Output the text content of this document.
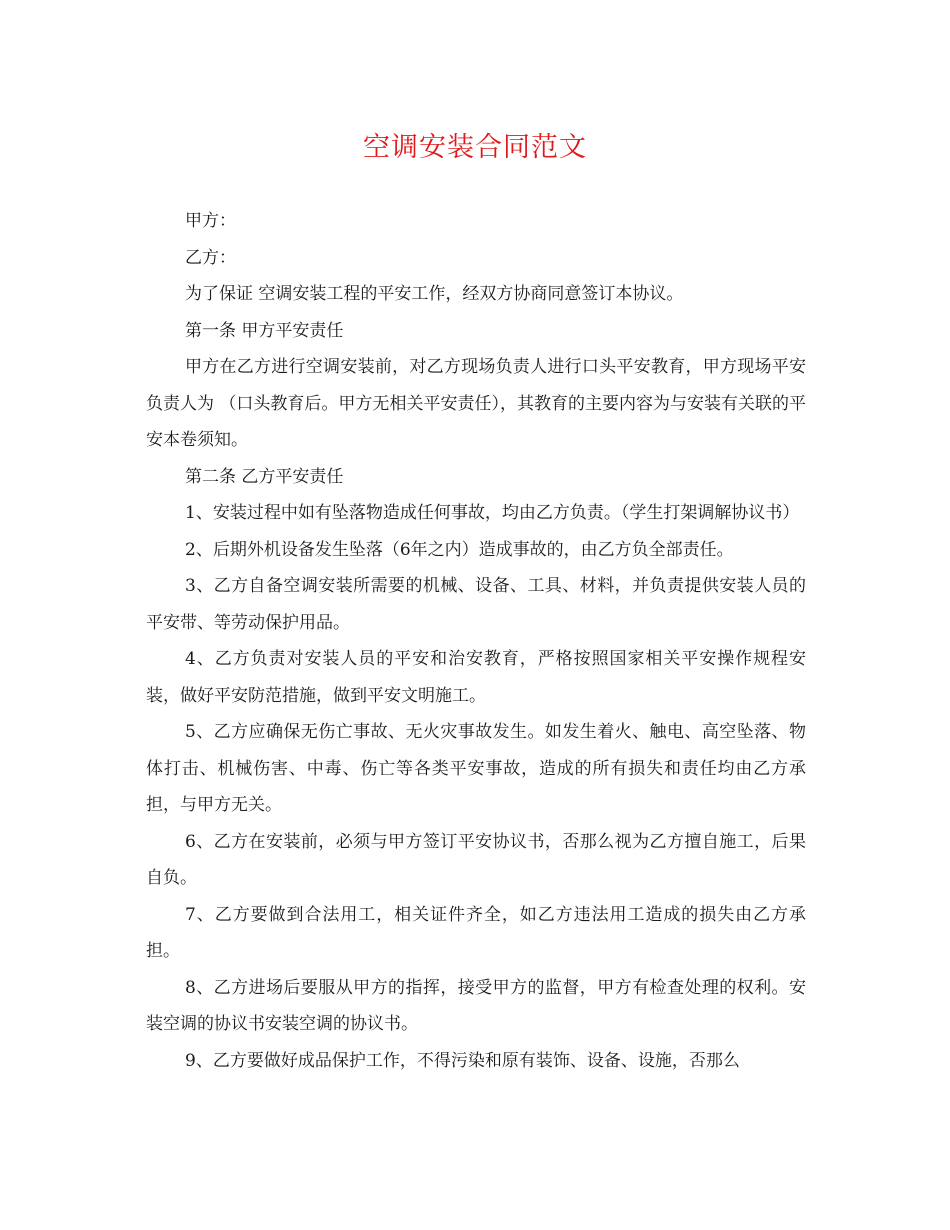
空调安装合同范文

甲方：

乙方：

为了保证 空调安装工程的平安工作，经双方协商同意签订本协议。

第一条 甲方平安责任

甲方在乙方进行空调安装前，对乙方现场负责人进行口头平安教育，甲方现场平安负责人为 （口头教育后。甲方无相关平安责任），其教育的主要内容为与安装有关联的平安本卷须知。

第二条 乙方平安责任

1、安装过程中如有坠落物造成任何事故，均由乙方负责。（学生打架调解协议书）

2、后期外机设备发生坠落（6年之内）造成事故的，由乙方负全部责任。

3、乙方自备空调安装所需要的机械、设备、工具、材料，并负责提供安装人员的平安带、等劳动保护用品。

4、乙方负责对安装人员的平安和治安教育，严格按照国家相关平安操作规程安装，做好平安防范措施，做到平安文明施工。

5、乙方应确保无伤亡事故、无火灾事故发生。如发生着火、触电、高空坠落、物体打击、机械伤害、中毒、伤亡等各类平安事故，造成的所有损失和责任均由乙方承担，与甲方无关。

6、乙方在安装前，必须与甲方签订平安协议书，否那么视为乙方擅自施工，后果自负。

7、乙方要做到合法用工，相关证件齐全，如乙方违法用工造成的损失由乙方承担。

8、乙方进场后要服从甲方的指挥，接受甲方的监督，甲方有检查处理的权利。安装空调的协议书安装空调的协议书。

9、乙方要做好成品保护工作，不得污染和原有装饰、设备、设施，否那么
